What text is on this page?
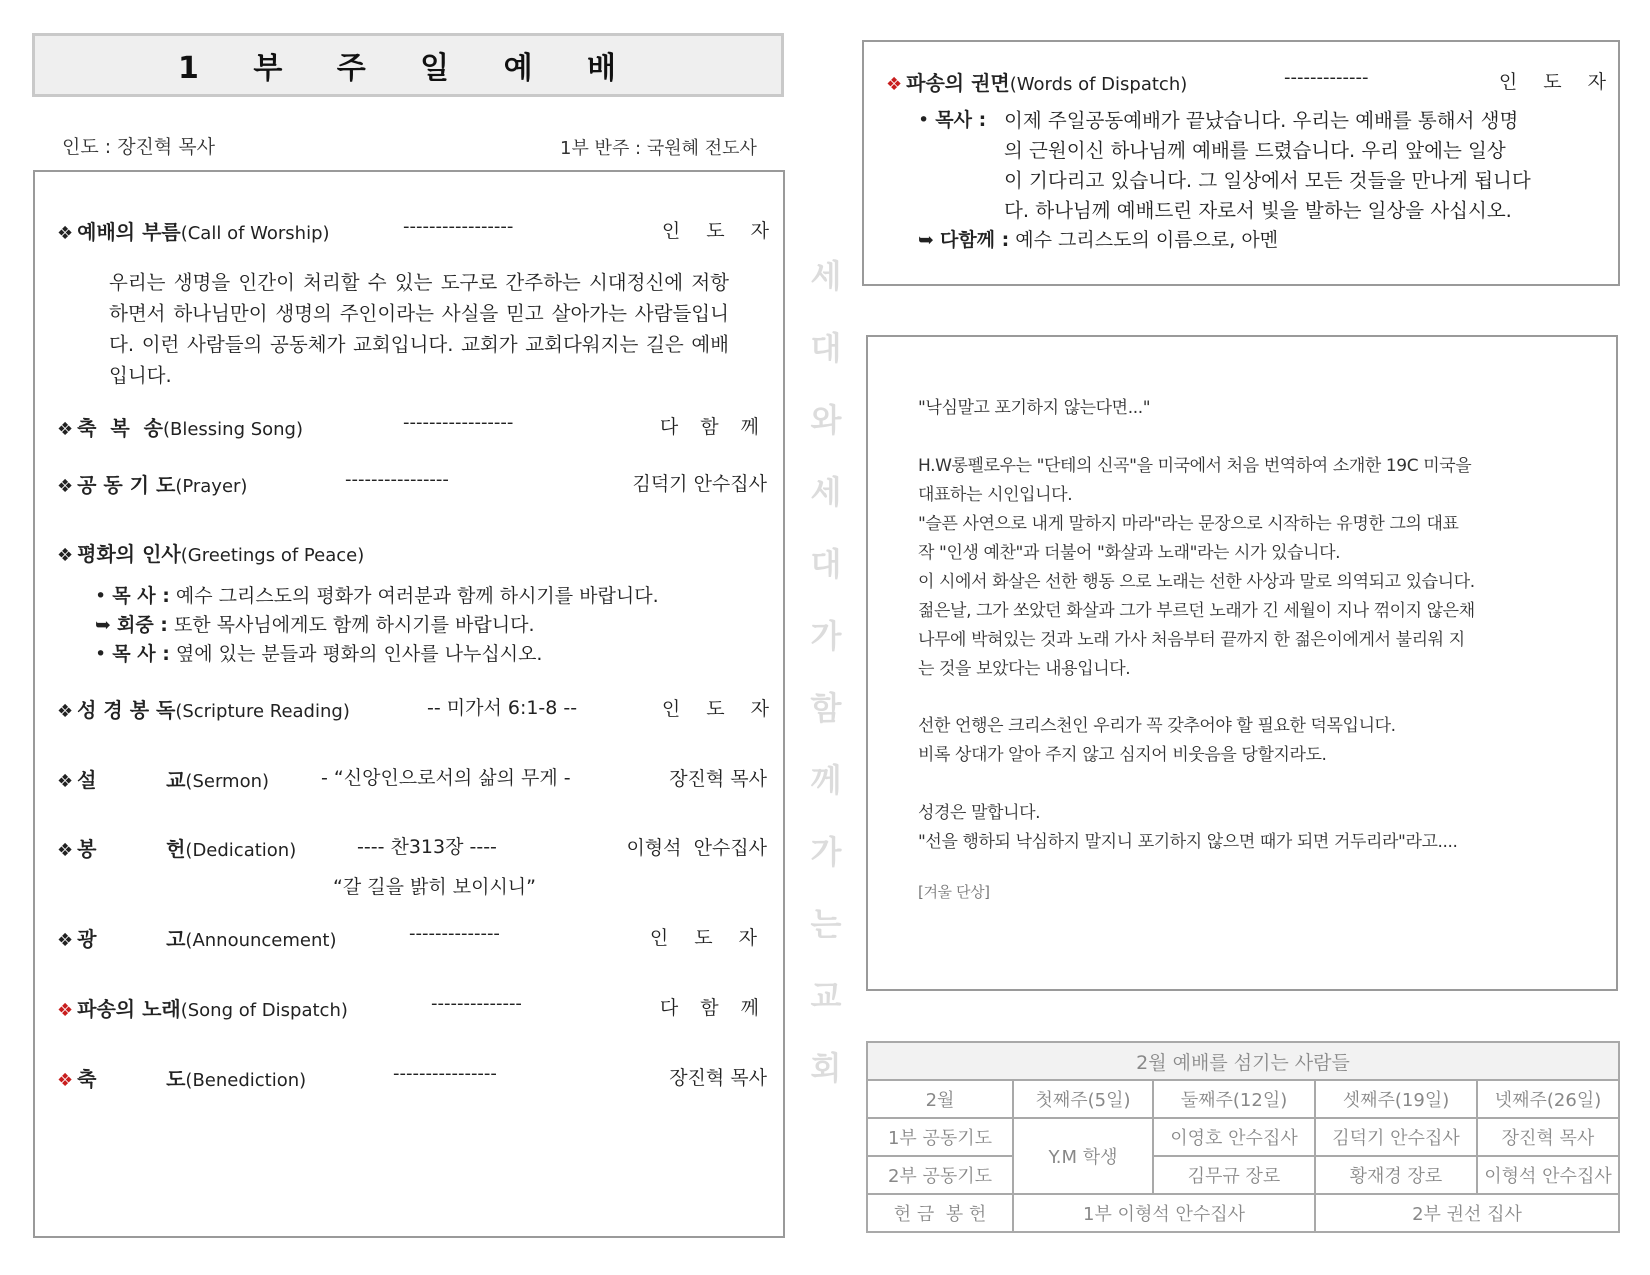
1 부 주 일 예 배
인도 : 장진혁 목사	1부 반주 : 국원혜 전도사
❖ 예배의 부름(Call of Worship)	-----------------	인 도 자
우리는 생명을 인간이 처리할 수 있는 도구로 간주하는 시대정신에 저항하면서 하나님만이 생명의 주인이라는 사실을 믿고 살아가는 사람들입니다. 이런 사람들의 공동체가 교회입니다. 교회가 교회다워지는 길은 예배입니다.
❖ 축  복  송(Blessing Song)	-----------------	다 함 께
❖ 공 동 기 도(Prayer)	----------------	김덕기 안수집사
❖ 평화의 인사(Greetings of Peace)
• 목 사 : 예수 그리스도의 평화가 여러분과 함께 하시기를 바랍니다.
➥ 회중 : 또한 목사님에게도 함께 하시기를 바랍니다.
• 목 사 : 옆에 있는 분들과 평화의 인사를 나누십시오.
❖ 성 경 봉 독(Scripture Reading)	-- 미가서 6:1-8 --	인 도 자
❖ 설          교(Sermon)	- “신앙인으로서의 삶의 무게 -	장진혁 목사
❖ 봉          헌(Dedication)	---- 찬313장 ----	이형석  안수집사
“갈 길을 밝히 보이시니”
❖ 광          고(Announcement)	--------------	인 도 자
❖ 파송의 노래(Song of Dispatch)	--------------	다 함 께
❖ 축          도(Benediction)	----------------	장진혁 목사
세
대
와
세
대
가
함
께
가
는
교
회
❖ 파송의 권면(Words of Dispatch)	-------------	인 도 자
• 목사 : 이제 주일공동예배가 끝났습니다. 우리는 예배를 통해서 생명
의 근원이신 하나님께 예배를 드렸습니다. 우리 앞에는 일상
이 기다리고 있습니다. 그 일상에서 모든 것들을 만나게 됩니다
다. 하나님께 예배드린 자로서 빛을 발하는 일상을 사십시오.
➥ 다함께 : 예수 그리스도의 이름으로, 아멘
"낙심말고 포기하지 않는다면..."
H.W롱펠로우는 "단테의 신곡"을 미국에서 처음 번역하여 소개한 19C 미국을
대표하는 시인입니다.
"슬픈 사연으로 내게 말하지 마라"라는 문장으로 시작하는 유명한 그의 대표
작 "인생 예찬"과 더불어 "화살과 노래"라는 시가 있습니다.
이 시에서 화살은 선한 행동 으로 노래는 선한 사상과 말로 의역되고 있습니다.
젊은날, 그가 쏘았던 화살과 그가 부르던 노래가 긴 세월이 지나 꺾이지 않은채
나무에 박혀있는 것과 노래 가사 처음부터 끝까지 한 젊은이에게서 불리워 지
는 것을 보았다는 내용입니다.
선한 언행은 크리스천인 우리가 꼭 갖추어야 할 필요한 덕목입니다.
비록 상대가 알아 주지 않고 심지어 비웃음을 당할지라도.
성경은 말합니다.
"선을 행하되 낙심하지 말지니 포기하지 않으면 때가 되면 거두리라"라고....
[겨울 단상]
2월 예배를 섬기는 사람들				
2월	첫째주(5일)	둘째주(12일)	셋째주(19일)	넷째주(26일)
1부 공동기도	Y.M 학생	이영호 안수집사	김덕기 안수집사	장진혁 목사
2부 공동기도		김무규 장로	황재경 장로	이형석 안수집사
헌 금  봉 헌	1부 이형석 안수집사		2부 권선 집사	
